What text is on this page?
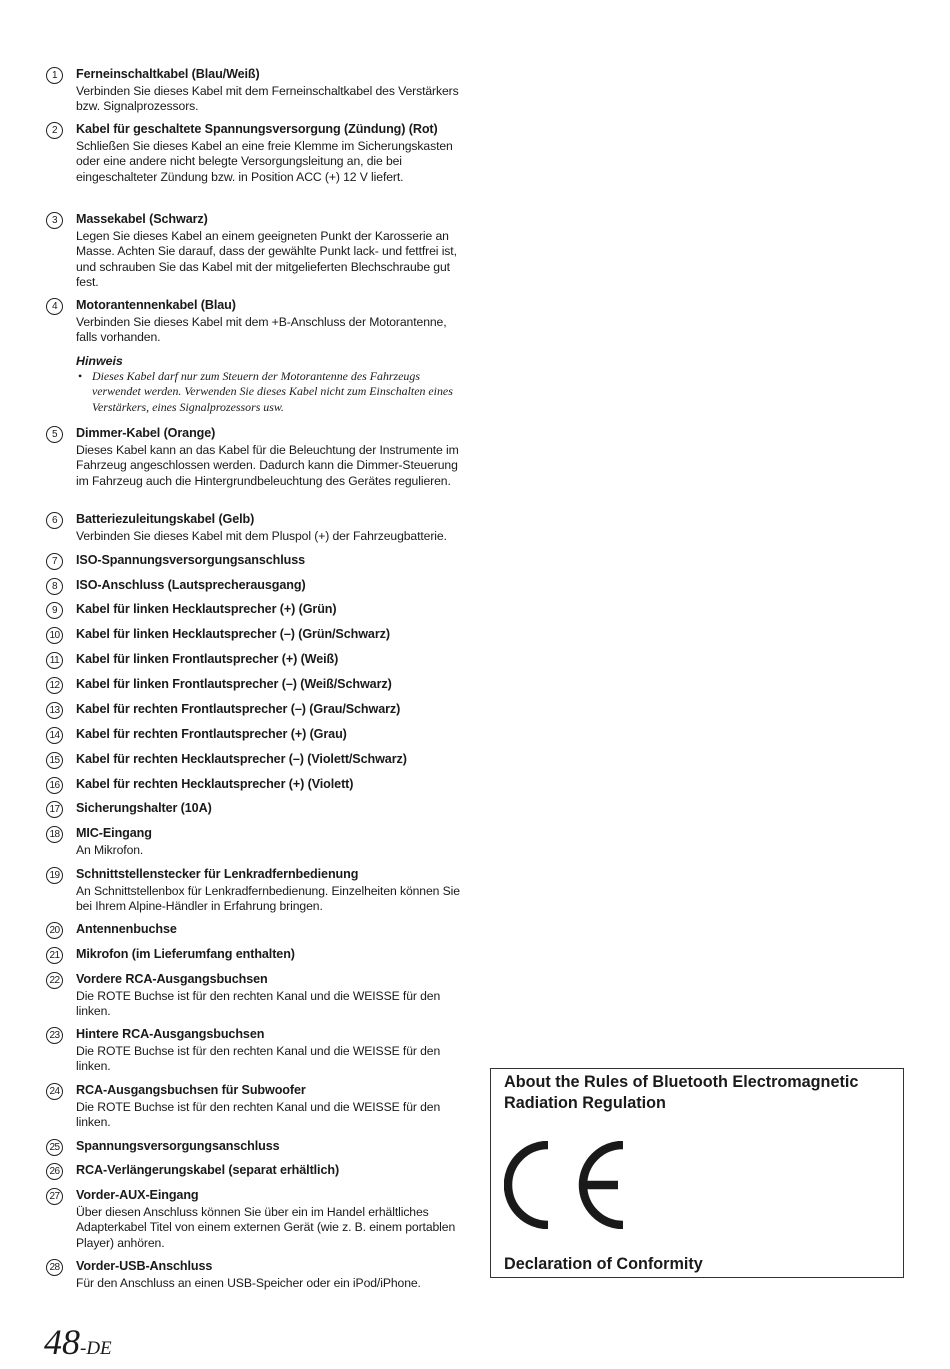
1	Ferneinschaltkabel (Blau/Weiß)
Verbinden Sie dieses Kabel mit dem Ferneinschaltkabel des Verstärkers bzw. Signalprozessors.
2	Kabel für geschaltete Spannungsversorgung (Zündung) (Rot)
Schließen Sie dieses Kabel an eine freie Klemme im Sicherungskasten oder eine andere nicht belegte Versorgungsleitung an, die bei eingeschalteter Zündung bzw. in Position ACC (+) 12 V liefert.
3	Massekabel (Schwarz)
Legen Sie dieses Kabel an einem geeigneten Punkt der Karosserie an Masse. Achten Sie darauf, dass der gewählte Punkt lack- und fettfrei ist, und schrauben Sie das Kabel mit der mitgelieferten Blechschraube gut fest.
4	Motorantennenkabel (Blau)
Verbinden Sie dieses Kabel mit dem +B-Anschluss der Motorantenne, falls vorhanden.
Hinweis
• Dieses Kabel darf nur zum Steuern der Motorantenne des Fahrzeugs verwendet werden. Verwenden Sie dieses Kabel nicht zum Einschalten eines Verstärkers, eines Signalprozessors usw.
5	Dimmer-Kabel (Orange)
Dieses Kabel kann an das Kabel für die Beleuchtung der Instrumente im Fahrzeug angeschlossen werden. Dadurch kann die Dimmer-Steuerung im Fahrzeug auch die Hintergrundbeleuchtung des Gerätes regulieren.
6	Batteriezuleitungskabel (Gelb)
Verbinden Sie dieses Kabel mit dem Pluspol (+) der Fahrzeugbatterie.
7	ISO-Spannungsversorgungsanschluss
8	ISO-Anschluss (Lautsprecherausgang)
9	Kabel für linken Hecklautsprecher (+) (Grün)
10 Kabel für linken Hecklautsprecher (–) (Grün/Schwarz)
11	Kabel für linken Frontlautsprecher (+) (Weiß)
12 Kabel für linken Frontlautsprecher (–) (Weiß/Schwarz)
13 Kabel für rechten Frontlautsprecher (–) (Grau/Schwarz)
14 Kabel für rechten Frontlautsprecher (+) (Grau)
15 Kabel für rechten Hecklautsprecher (–) (Violett/Schwarz)
16 Kabel für rechten Hecklautsprecher (+) (Violett)
17 Sicherungshalter (10A)
18 MIC-Eingang
An Mikrofon.
19 Schnittstellenstecker für Lenkradfernbedienung
An Schnittstellenbox für Lenkradfernbedienung. Einzelheiten können Sie bei Ihrem Alpine-Händler in Erfahrung bringen.
20 Antennenbuchse
21 Mikrofon (im Lieferumfang enthalten)
22 Vordere RCA-Ausgangsbuchsen
Die ROTE Buchse ist für den rechten Kanal und die WEISSE für den linken.
23 Hintere RCA-Ausgangsbuchsen
Die ROTE Buchse ist für den rechten Kanal und die WEISSE für den linken.
24 RCA-Ausgangsbuchsen für Subwoofer
Die ROTE Buchse ist für den rechten Kanal und die WEISSE für den linken.
25 Spannungsversorgungsanschluss
26 RCA-Verlängerungskabel (separat erhältlich)
27 Vorder-AUX-Eingang
Über diesen Anschluss können Sie über ein im Handel erhältliches Adapterkabel Titel von einem externen Gerät (wie z. B. einem portablen Player) anhören.
28 Vorder-USB-Anschluss
Für den Anschluss an einen USB-Speicher oder ein iPod/iPhone.
About the Rules of Bluetooth Electromagnetic Radiation Regulation
Declaration of Conformity
48-DE
